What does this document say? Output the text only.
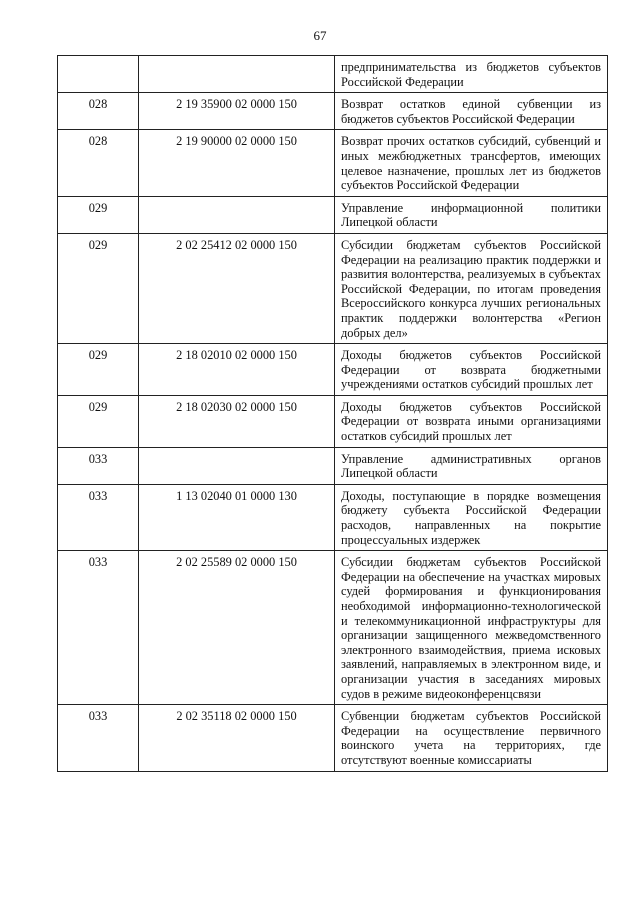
67
		предпринимательства из бюджетов субъектов Российской Федерации
028	2 19 35900 02 0000 150	Возврат остатков единой субвенции из бюджетов субъектов Российской Федерации
028	2 19 90000 02 0000 150	Возврат прочих остатков субсидий, субвенций и иных межбюджетных трансфертов, имеющих целевое назначение, прошлых лет из бюджетов субъектов Российской Федерации
029		Управление информационной политики Липецкой области
029	2 02 25412 02 0000 150	Субсидии бюджетам субъектов Российской Федерации на реализацию практик поддержки и развития волонтерства, реализуемых в субъектах Российской Федерации, по итогам проведения Всероссийского конкурса лучших региональных практик поддержки волонтерства «Регион добрых дел»
029	2 18 02010 02 0000 150	Доходы бюджетов субъектов Российской Федерации от возврата бюджетными учреждениями остатков субсидий прошлых лет
029	2 18 02030 02 0000 150	Доходы бюджетов субъектов Российской Федерации от возврата иными организациями остатков субсидий прошлых лет
033		Управление административных органов Липецкой области
033	1 13 02040 01 0000 130	Доходы, поступающие в порядке возмещения бюджету субъекта Российской Федерации расходов, направленных на покрытие процессуальных издержек
033	2 02 25589 02 0000 150	Субсидии бюджетам субъектов Российской Федерации на обеспечение на участках мировых судей формирования и функционирования необходимой информационно-технологической и телекоммуникационной инфраструктуры для организации защищенного межведомственного электронного взаимодействия, приема исковых заявлений, направляемых в электронном виде, и организации участия в заседаниях мировых судов в режиме видеоконференцсвязи
033	2 02 35118 02 0000 150	Субвенции бюджетам субъектов Российской Федерации на осуществление первичного воинского учета на территориях, где отсутствуют военные комиссариаты
